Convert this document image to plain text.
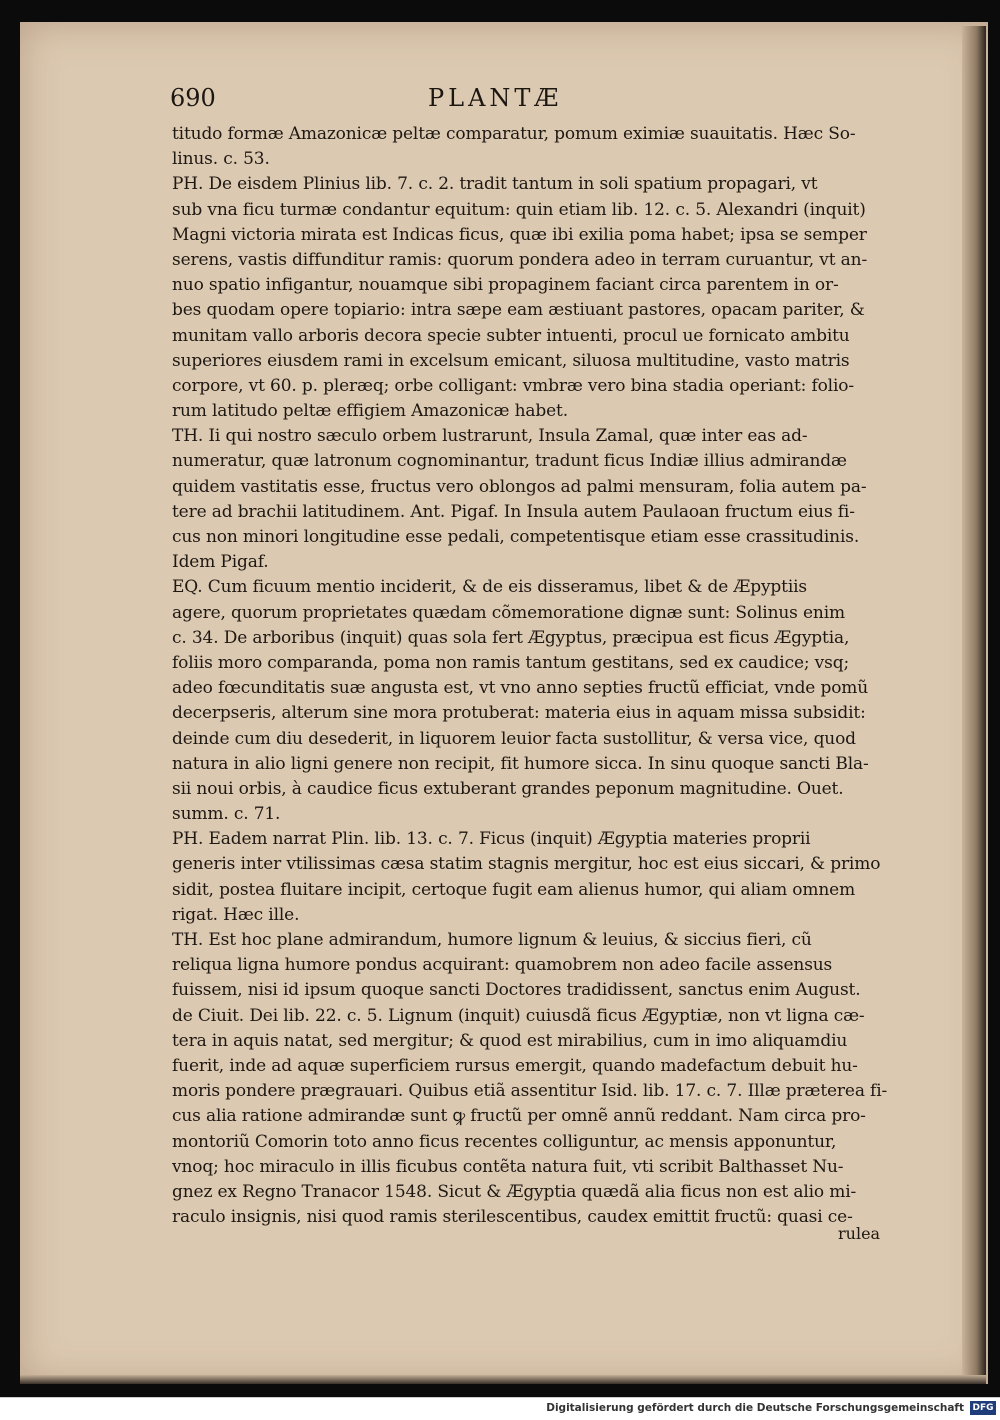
690	PLANTÆ
titudo formæ Amazonicæ peltæ comparatur, pomum eximiæ suauitatis. Hæc So-
linus. c. 53.
PH. De eisdem Plinius lib. 7. c. 2. tradit tantum in soli spatium propagari, vt
sub vna ficu turmæ condantur equitum: quin etiam lib. 12. c. 5. Alexandri (inquit)
Magni victoria mirata est Indicas ficus, quæ ibi exilia poma habet; ipsa se semper
serens, vastis diffunditur ramis: quorum pondera adeo in terram curuantur, vt an-
nuo spatio infigantur, nouamque sibi propaginem faciant circa parentem in or-
bes quodam opere topiario: intra sæpe eam æstiuant pastores, opacam pariter, &
munitam vallo arboris decora specie subter intuenti, procul ue fornicato ambitu
superiores eiusdem rami in excelsum emicant, siluosa multitudine, vasto matris
corpore, vt 60. p. pleræq; orbe colligant: vmbræ vero bina stadia operiant: folio-
rum latitudo peltæ effigiem Amazonicæ habet.
TH. Ii qui nostro sæculo orbem lustrarunt, Insula Zamal, quæ inter eas ad-
numeratur, quæ latronum cognominantur, tradunt ficus Indiæ illius admirandæ
quidem vastitatis esse, fructus vero oblongos ad palmi mensuram, folia autem pa-
tere ad brachii latitudinem. Ant. Pigaf. In Insula autem Paulaoan fructum eius fi-
cus non minori longitudine esse pedali, competentisque etiam esse crassitudinis.
Idem Pigaf.
EQ. Cum ficuum mentio inciderit, & de eis disseramus, libet & de Æpyptiis
agere, quorum proprietates quædam cõmemoratione dignæ sunt: Solinus enim
c. 34. De arboribus (inquit) quas sola fert Ægyptus, præcipua est ficus Ægyptia,
foliis moro comparanda, poma non ramis tantum gestitans, sed ex caudice; vsq;
adeo fœcunditatis suæ angusta est, vt vno anno septies fructũ efficiat, vnde pomũ
decerpseris, alterum sine mora protuberat: materia eius in aquam missa subsidit:
deinde cum diu desederit, in liquorem leuior facta sustollitur, & versa vice, quod
natura in alio ligni genere non recipit, fit humore sicca. In sinu quoque sancti Bla-
sii noui orbis, à caudice ficus extuberant grandes peponum magnitudine. Ouet.
summ. c. 71.
PH. Eadem narrat Plin. lib. 13. c. 7. Ficus (inquit) Ægyptia materies proprii
generis inter vtilissimas cæsa statim stagnis mergitur, hoc est eius siccari, & primo
sidit, postea fluitare incipit, certoque fugit eam alienus humor, qui aliam omnem
rigat. Hæc ille.
TH. Est hoc plane admirandum, humore lignum & leuius, & siccius fieri, cũ
reliqua ligna humore pondus acquirant: quamobrem non adeo facile assensus
fuissem, nisi id ipsum quoque sancti Doctores tradidissent, sanctus enim August.
de Ciuit. Dei lib. 22. c. 5. Lignum (inquit) cuiusdã ficus Ægyptiæ, non vt ligna cæ-
tera in aquis natat, sed mergitur; & quod est mirabilius, cum in imo aliquamdiu
fuerit, inde ad aquæ superficiem rursus emergit, quando madefactum debuit hu-
moris pondere prægrauari. Quibus etiã assentitur Isid. lib. 17. c. 7. Illæ præterea fi-
cus alia ratione admirandæ sunt ꝙ fructũ per omnẽ annũ reddant. Nam circa pro-
montoriũ Comorin toto anno ficus recentes colliguntur, ac mensis apponuntur,
vnoq; hoc miraculo in illis ficubus contẽta natura fuit, vti scribit Balthasset Nu-
gnez ex Regno Tranacor 1548. Sicut & Ægyptia quædã alia ficus non est alio mi-
raculo insignis, nisi quod ramis sterilescentibus, caudex emittit fructũ: quasi ce-
rulea
Digitalisierung gefördert durch die Deutsche Forschungsgemeinschaft DFG
